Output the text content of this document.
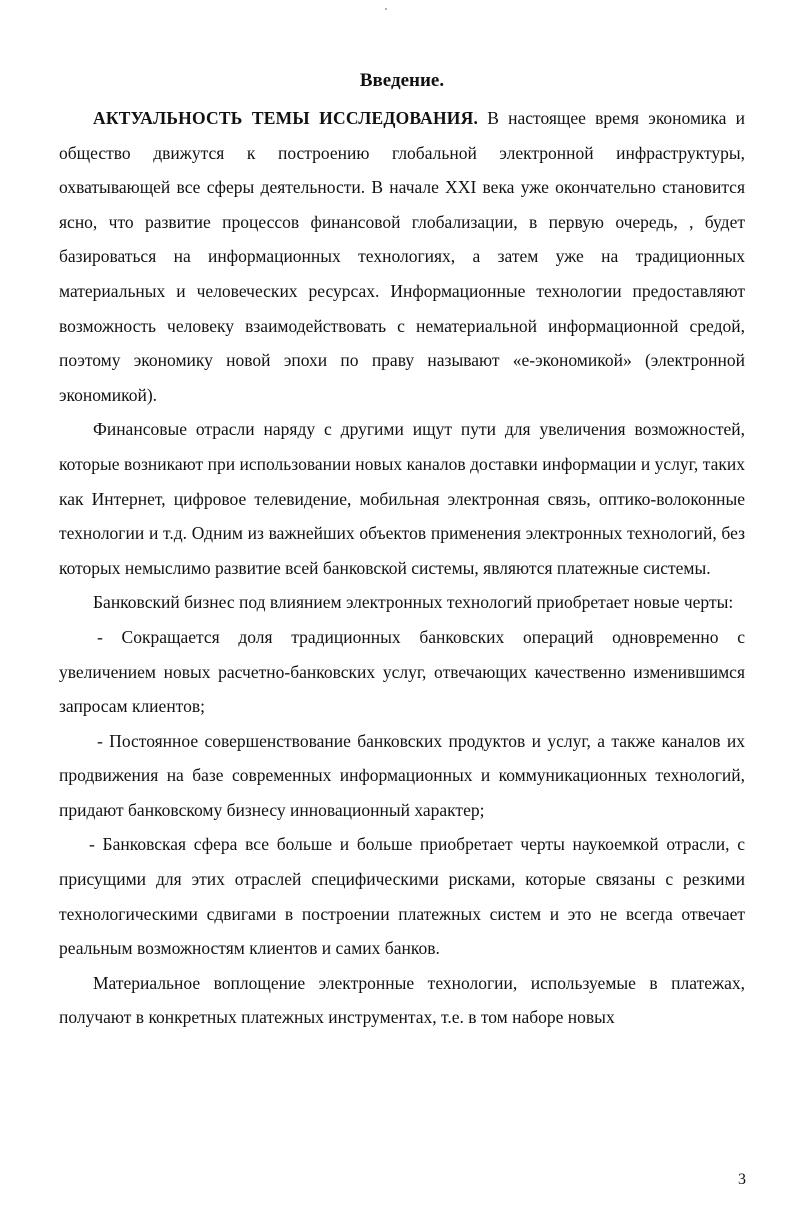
Введение.

АКТУАЛЬНОСТЬ ТЕМЫ ИССЛЕДОВАНИЯ. В настоящее время экономика и общество движутся к построению глобальной электронной инфраструктуры, охватывающей все сферы деятельности. В начале XXI века уже окончательно становится ясно, что развитие процессов финансовой глобализации, в первую очередь, , будет базироваться на информационных технологиях, а затем уже на традиционных материальных и человеческих ресурсах. Информационные технологии предоставляют возможность человеку взаимодействовать с нематериальной информационной средой, поэтому экономику новой эпохи по праву называют «е-экономикой» (электронной экономикой).

Финансовые отрасли наряду с другими ищут пути для увеличения возможностей, которые возникают при использовании новых каналов доставки информации и услуг, таких как Интернет, цифровое телевидение, мобильная электронная связь, оптико-волоконные технологии и т.д. Одним из важнейших объектов применения электронных технологий, без которых немыслимо развитие всей банковской системы, являются платежные системы.

Банковский бизнес под влиянием электронных технологий приобретает новые черты:

- Сокращается доля традиционных банковских операций одновременно с увеличением новых расчетно-банковских услуг, отвечающих качественно изменившимся запросам клиентов;

- Постоянное совершенствование банковских продуктов и услуг, а также каналов их продвижения на базе современных информационных и коммуникационных технологий, придают банковскому бизнесу инновационный характер;

- Банковская сфера все больше и больше приобретает черты наукоемкой отрасли, с присущими для этих отраслей специфическими рисками, которые связаны с резкими технологическими сдвигами в построении платежных систем и это не всегда отвечает реальным возможностям клиентов и самих банков.

Материальное воплощение электронные технологии, используемые в платежах, получают в конкретных платежных инструментах, т.е. в том наборе новых

3
